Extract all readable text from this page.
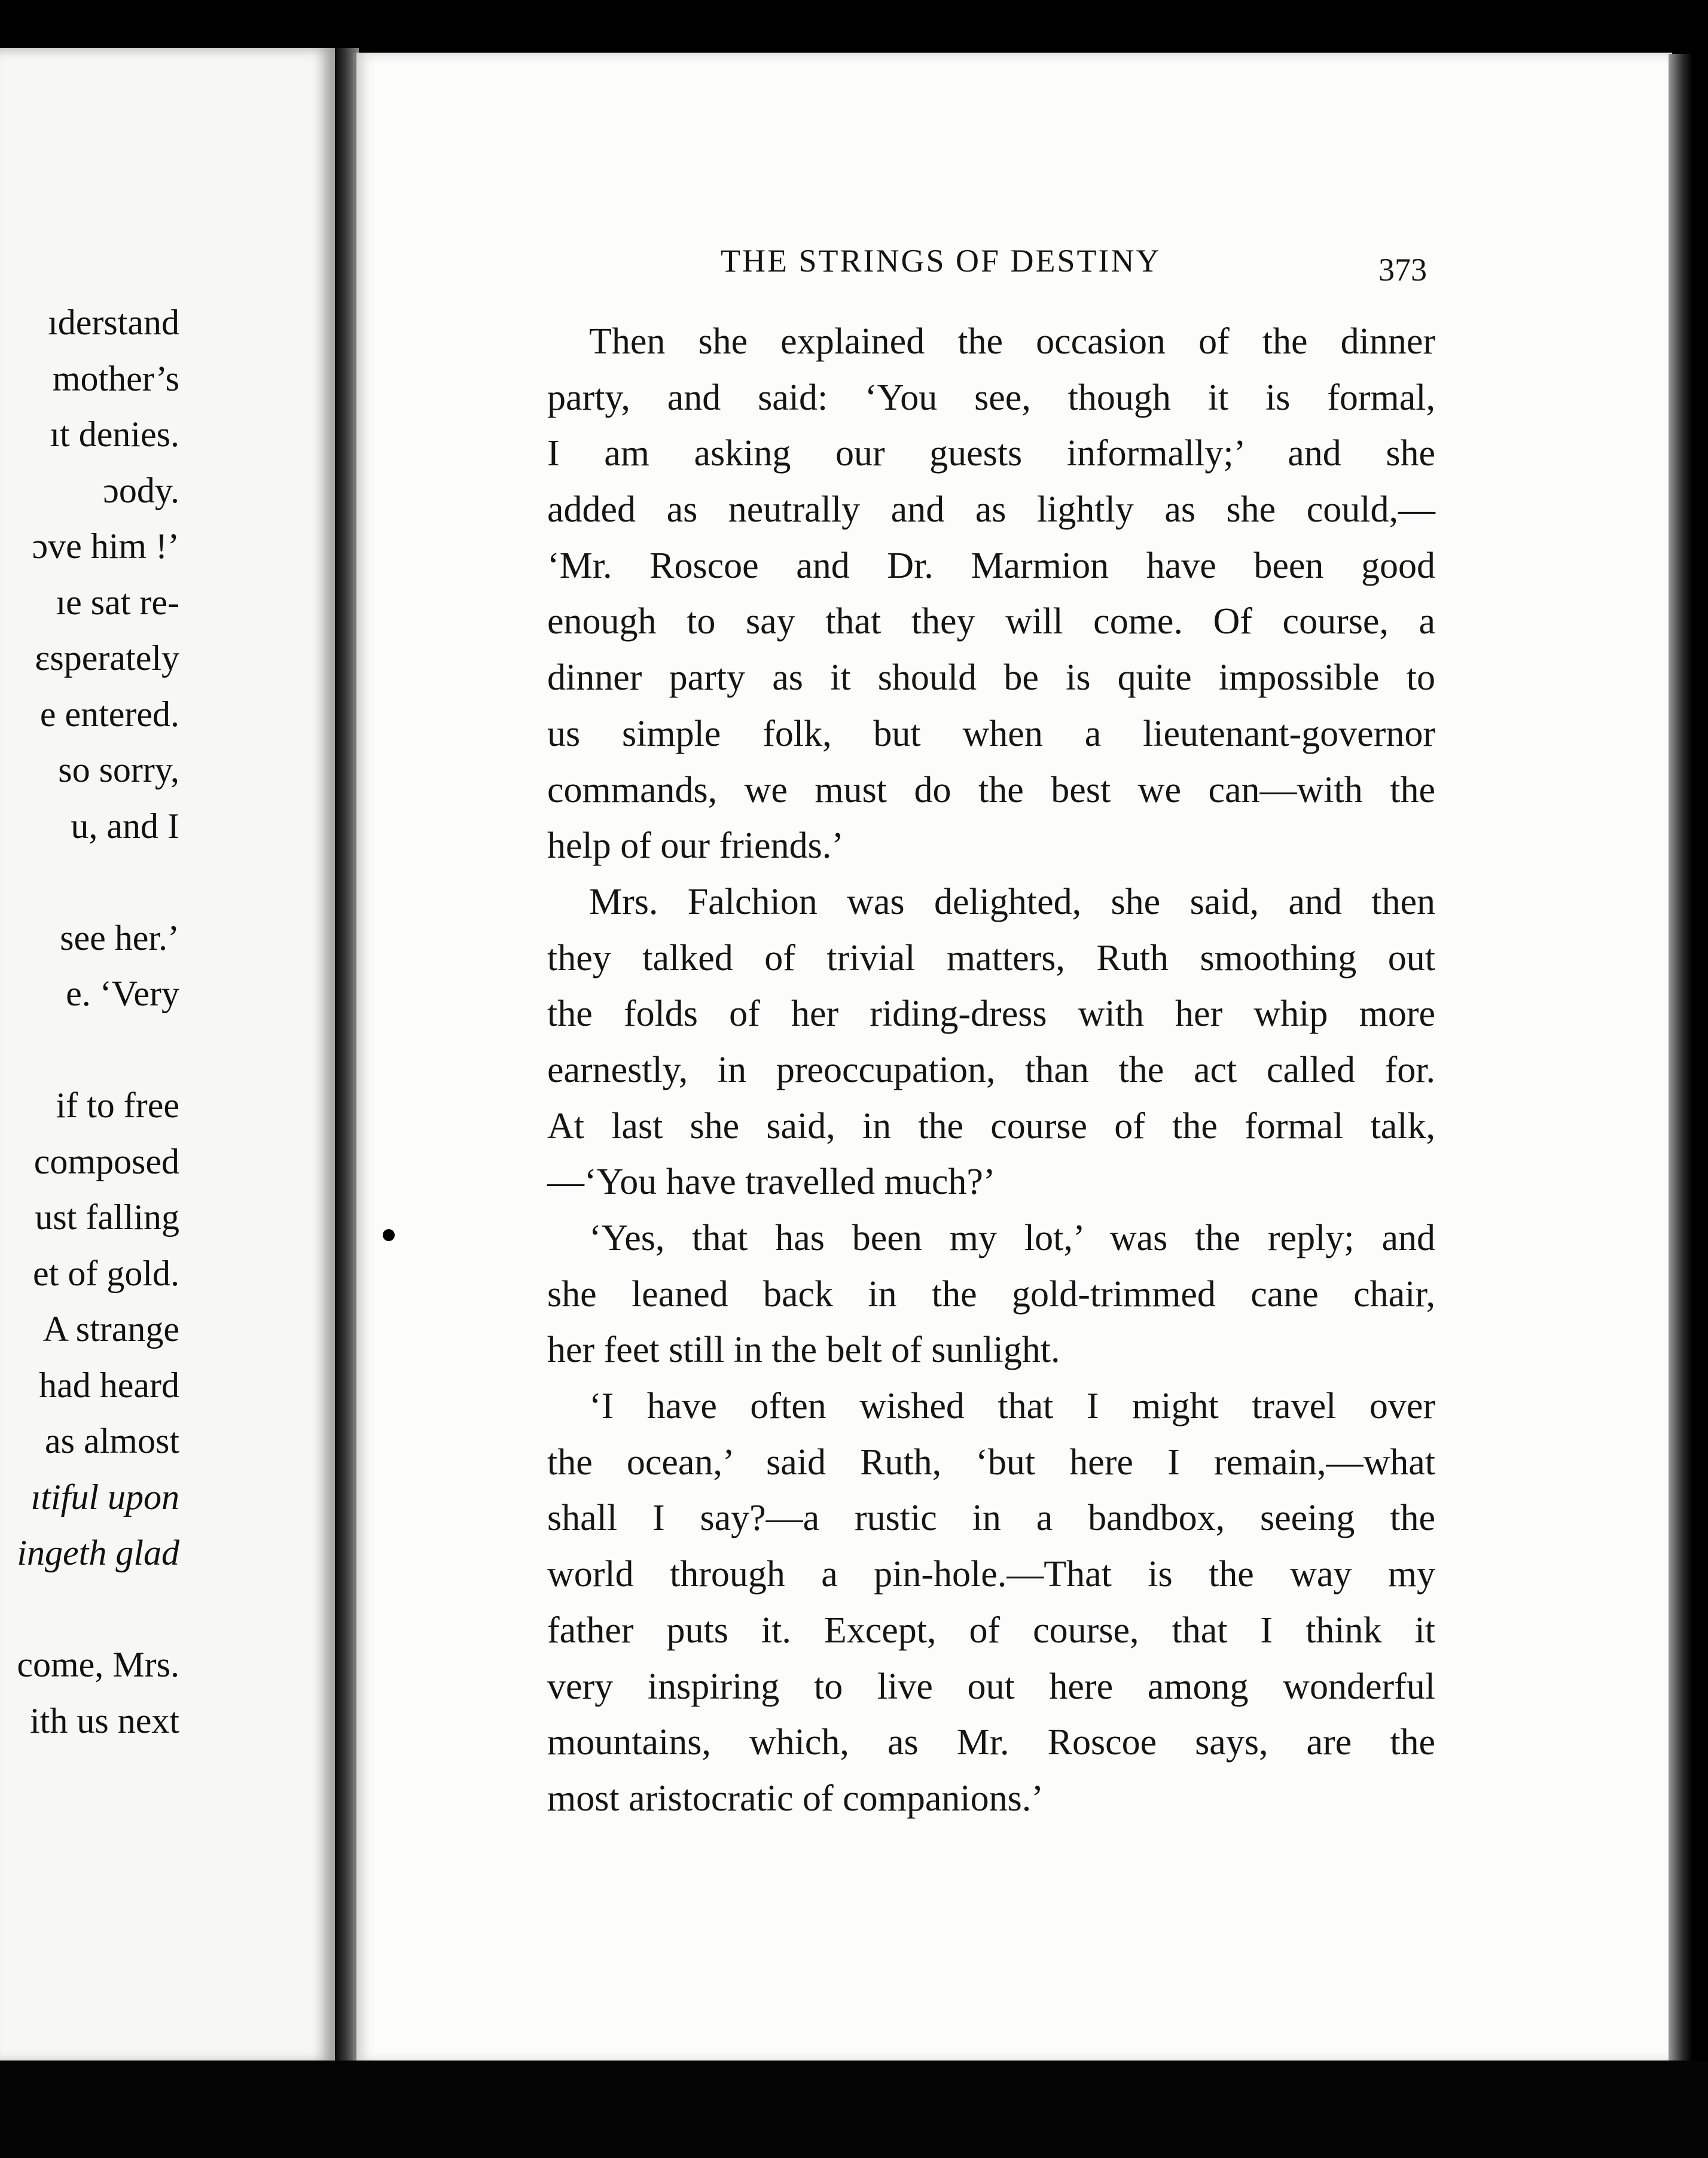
ıderstand
mother’s
ıt denies.
ɔody.
ɔve him !’
ıe sat re-
ɛsperately
e entered.
so sorry,
u, and I
see her.’
e. ‘Very
if to free
composed
ust falling
et of gold.
A strange
had heard
as almost
ıtiful upon
ingeth glad
come, Mrs.
ith us next
THE STRINGS OF DESTINY	373
Then she explained the occasion of the dinner
party, and said: ‘You see, though it is formal,
I am asking our guests informally;’ and she
added as neutrally and as lightly as she could,—
‘Mr. Roscoe and Dr. Marmion have been good
enough to say that they will come. Of course, a
dinner party as it should be is quite impossible to
us simple folk, but when a lieutenant-governor
commands, we must do the best we can—with the
help of our friends.’
Mrs. Falchion was delighted, she said, and then
they talked of trivial matters, Ruth smoothing out
the folds of her riding-dress with her whip more
earnestly, in preoccupation, than the act called for.
At last she said, in the course of the formal talk,
—‘You have travelled much?’
‘Yes, that has been my lot,’ was the reply; and
she leaned back in the gold-trimmed cane chair,
her feet still in the belt of sunlight.
‘I have often wished that I might travel over
the ocean,’ said Ruth, ‘but here I remain,—what
shall I say?—a rustic in a bandbox, seeing the
world through a pin-hole.—That is the way my
father puts it. Except, of course, that I think it
very inspiring to live out here among wonderful
mountains, which, as Mr. Roscoe says, are the
most aristocratic of companions.’
